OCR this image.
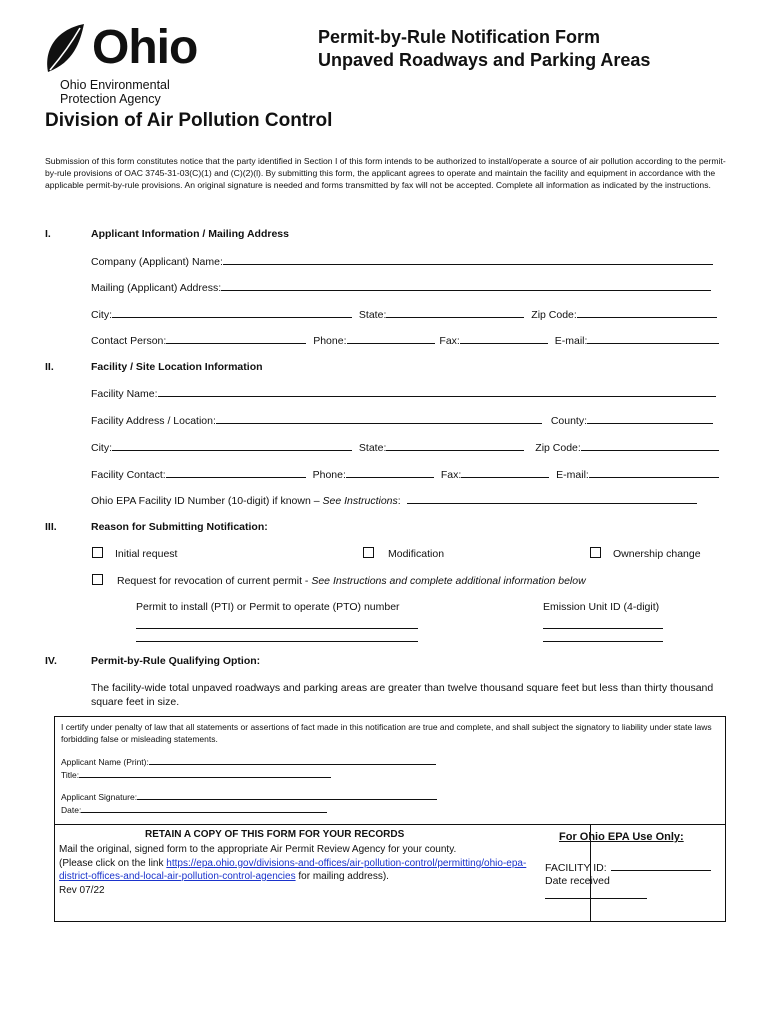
Ohio
Ohio Environmental
Protection Agency
Permit-by-Rule Notification Form
Unpaved Roadways and Parking Areas
Division of Air Pollution Control
Submission of this form constitutes notice that the party identified in Section I of this form intends to be authorized to install/operate a source of air pollution according to the permit-by-rule provisions of OAC 3745-31-03(C)(1) and (C)(2)(l). By submitting this form, the applicant agrees to operate and maintain the facility and equipment in accordance with the applicable permit-by-rule provisions. An original signature is needed and forms transmitted by fax will not be accepted. Complete all information as indicated by the instructions.
I.	Applicant Information / Mailing Address
Company (Applicant) Name:
Mailing (Applicant) Address:
City:	State:	Zip Code:
Contact Person:	Phone:	Fax:	E-mail:
II.	Facility / Site Location Information
Facility Name:
Facility Address / Location:	County:
City:	State:	Zip Code:
Facility Contact:	Phone:	Fax:	E-mail:
Ohio EPA Facility ID Number (10-digit) if known – See Instructions:
III.	Reason for Submitting Notification:
Initial request	Modification	Ownership change
Request for revocation of current permit - See Instructions and complete additional information below
Permit to install (PTI) or Permit to operate (PTO) number	Emission Unit ID (4-digit)
IV.	Permit-by-Rule Qualifying Option:
The facility-wide total unpaved roadways and parking areas are greater than twelve thousand square feet but less than thirty thousand square feet in size.
I certify under penalty of law that all statements or assertions of fact made in this notification are true and complete, and shall subject the signatory to liability under state laws forbidding false or misleading statements.
Applicant Name (Print):
Title:
Applicant Signature:
Date:
RETAIN A COPY OF THIS FORM FOR YOUR RECORDS
Mail the original, signed form to the appropriate Air Permit Review Agency for your county.
(Please click on the link https://epa.ohio.gov/divisions-and-offices/air-pollution-control/permitting/ohio-epa-district-offices-and-local-air-pollution-control-agencies for mailing address).
Rev 07/22
For Ohio EPA Use Only:
FACILITY ID:
Date received
